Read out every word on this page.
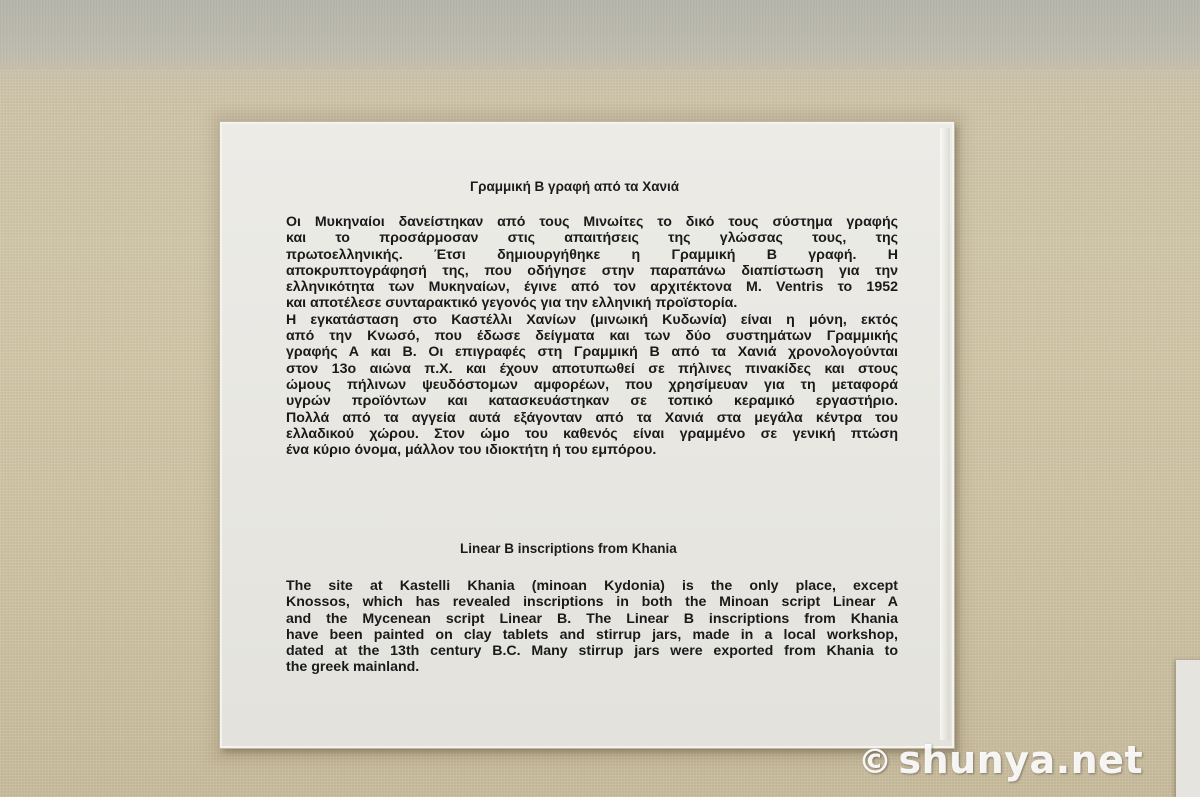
Γραμμική Β γραφή από τα Χανιά
Οι Μυκηναίοι δανείστηκαν από τους Μινωίτες το δικό τους σύστημα γραφής
και το προσάρμοσαν στις απαιτήσεις της γλώσσας τους, της
πρωτοελληνικής. Έτσι δημιουργήθηκε η Γραμμική Β γραφή. Η
αποκρυπτογράφησή της, που οδήγησε στην παραπάνω διαπίστωση για την
ελληνικότητα των Μυκηναίων, έγινε από τον αρχιτέκτονα Μ. Ventris το 1952
και αποτέλεσε συνταρακτικό γεγονός για την ελληνική προϊστορία.
Η εγκατάσταση στο Καστέλλι Χανίων (μινωική Κυδωνία) είναι η μόνη, εκτός
από την Κνωσό, που έδωσε δείγματα και των δύο συστημάτων Γραμμικής
γραφής Α και Β. Οι επιγραφές στη Γραμμική Β από τα Χανιά χρονολογούνται
στον 13ο αιώνα π.Χ. και έχουν αποτυπωθεί σε πήλινες πινακίδες και στους
ώμους πήλινων ψευδόστομων αμφορέων, που χρησίμευαν για τη μεταφορά
υγρών προϊόντων και κατασκευάστηκαν σε τοπικό κεραμικό εργαστήριο.
Πολλά από τα αγγεία αυτά εξάγονταν από τα Χανιά στα μεγάλα κέντρα του
ελλαδικού χώρου. Στον ώμο του καθενός είναι γραμμένο σε γενική πτώση
ένα κύριο όνομα, μάλλον του ιδιοκτήτη ή του εμπόρου.
Linear B inscriptions from Khania
The site at Kastelli Khania (minoan Kydonia) is the only place, except
Knossos, which has revealed inscriptions in both the Minoan script Linear A
and the Mycenean script Linear B. The Linear B inscriptions from Khania
have been painted on clay tablets and stirrup jars, made in a local workshop,
dated at the 13th century B.C. Many stirrup jars were exported from Khania to
the greek mainland.
© shunya.net
